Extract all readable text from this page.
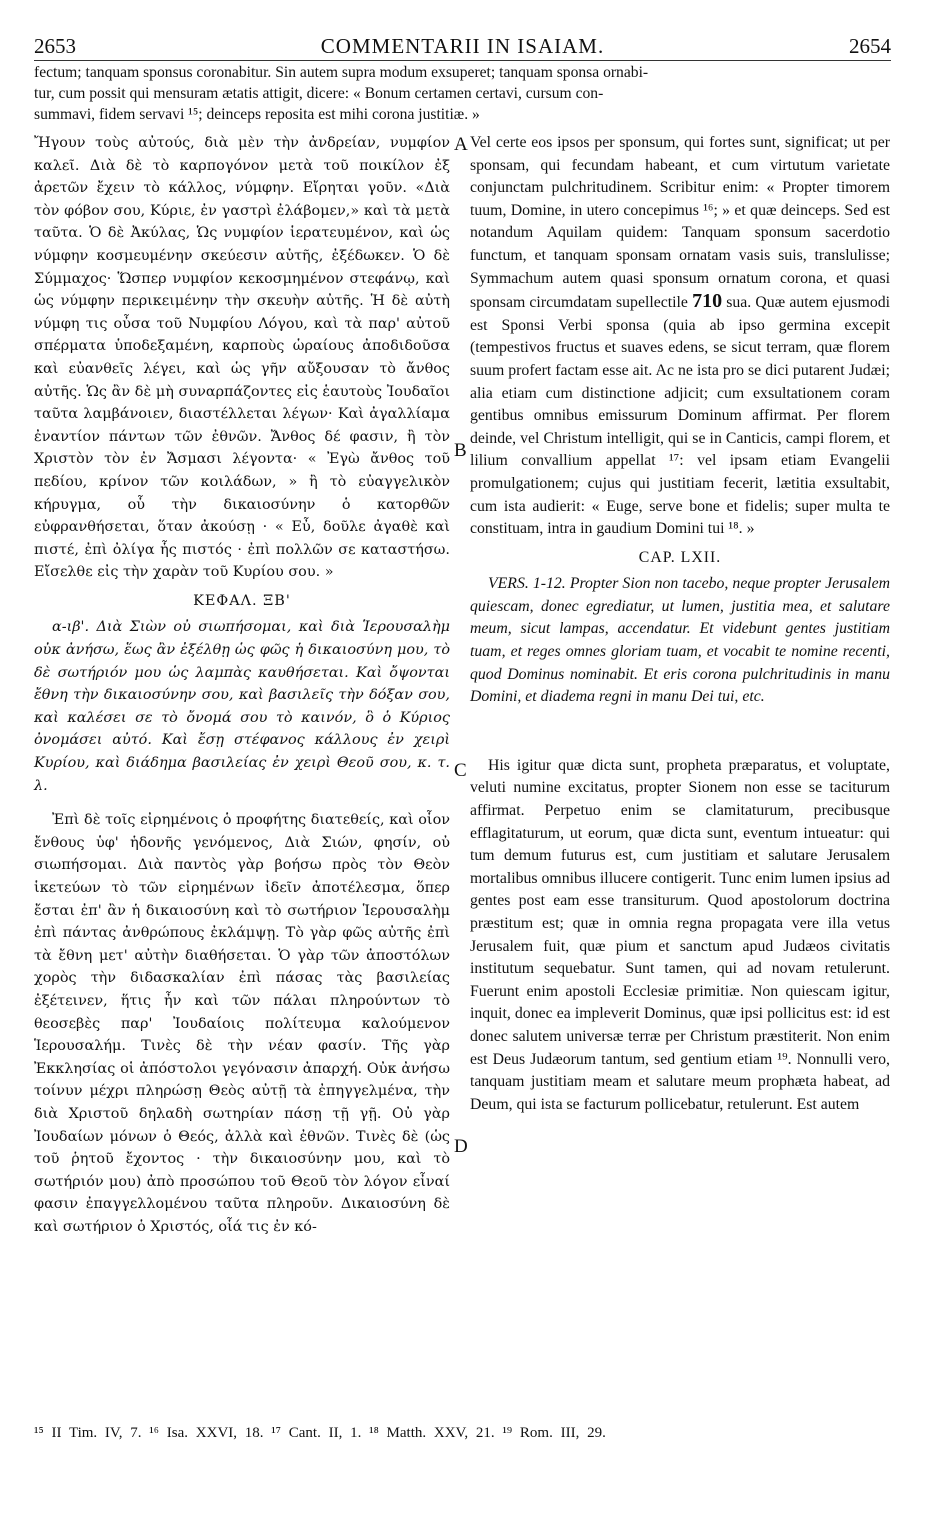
2653	COMMENTARII IN ISAIAM.	2654
fectum; tanquam sponsus coronabitur. Sin autem supra modum exsuperet; tanquam sponsa ornabi-
tur, cum possit qui mensuram ætatis attigit, dicere: « Bonum certamen certavi, cursum con-
summavi, fidem servavi ¹⁵; deinceps reposita est mihi corona justitiæ. »
A
B
C
D

Ἤγουν τοὺς αὐτούς, διὰ μὲν τὴν ἀνδρείαν, νυμφίον καλεῖ. Διὰ δὲ τὸ καρπογόνον μετὰ τοῦ ποικίλον ἐξ ἀρετῶν ἔχειν τὸ κάλλος, νύμφην. Εἴρηται γοῦν. «Διὰ τὸν φόβον σου, Κύριε, ἐν γαστρὶ ἐλάβομεν,» καὶ τὰ μετὰ ταῦτα. Ὁ δὲ Ἀκύλας, Ὡς νυμφίον ἱερατευμένον, καὶ ὡς νύμφην κοσμευμένην σκεύεσιν αὐτῆς, ἐξέδωκεν. Ὁ δὲ Σύμμαχος· Ὥσπερ νυμφίον κεκοσμημένον στεφάνῳ, καὶ ὡς νύμφην περικειμένην τὴν σκευὴν αὐτῆς. Ἡ δὲ αὐτὴ νύμφη τις οὖσα τοῦ Νυμφίου Λόγου, καὶ τὰ παρ' αὐτοῦ σπέρματα ὑποδεξαμένη, καρποὺς ὡραίους ἀποδιδοῦσα καὶ εὐανθεῖς λέγει, καὶ ὡς γῆν αὔξουσαν τὸ ἄνθος αὐτῆς. Ὡς ἂν δὲ μὴ συναρπάζοντες εἰς ἑαυτοὺς Ἰουδαῖοι ταῦτα λαμβάνοιεν, διαστέλλεται λέγων· Καὶ ἀγαλλίαμα ἐναντίον πάντων τῶν ἐθνῶν. Ἄνθος δέ φασιν, ἢ τὸν Χριστὸν τὸν ἐν Ἄσμασι λέγοντα· « Ἐγὼ ἄνθος τοῦ πεδίου, κρίνον τῶν κοιλάδων, » ἢ τὸ εὐαγγελικὸν κήρυγμα, οὗ τὴν δικαιοσύνην ὁ κατορθῶν εὐφρανθήσεται, ὅταν ἀκούσῃ · « Εὖ, δοῦλε ἀγαθὲ καὶ πιστέ, ἐπὶ ὀλίγα ἧς πιστός · ἐπὶ πολλῶν σε καταστήσω. Εἴσελθε εἰς τὴν χαρὰν τοῦ Κυρίου σου. »

ΚΕΦΑΛ. ΞΒ'

α-ιβ'. Διὰ Σιὼν οὐ σιωπήσομαι, καὶ διὰ Ἱερουσαλὴμ οὐκ ἀνήσω, ἕως ἂν ἐξέλθῃ ὡς φῶς ἡ δικαιοσύνη μου, τὸ δὲ σωτήριόν μου ὡς λαμπὰς καυθήσεται. Καὶ ὄψονται ἔθνη τὴν δικαιοσύνην σου, καὶ βασιλεῖς τὴν δόξαν σου, καὶ καλέσει σε τὸ ὄνομά σου τὸ καινόν, ὃ ὁ Κύριος ὀνομάσει αὐτό. Καὶ ἔσῃ στέφανος κάλλους ἐν χειρὶ Κυρίου, καὶ διάδημα βασιλείας ἐν χειρὶ Θεοῦ σου, κ. τ. λ.

Ἐπὶ δὲ τοῖς εἰρημένοις ὁ προφήτης διατεθείς, καὶ οἷον ἔνθους ὑφ' ἡδονῆς γενόμενος, Διὰ Σιών, φησίν, οὐ σιωπήσομαι. Διὰ παντὸς γὰρ βοήσω πρὸς τὸν Θεὸν ἱκετεύων τὸ τῶν εἰρημένων ἰδεῖν ἀποτέλεσμα, ὅπερ ἔσται ἐπ' ἂν ἡ δικαιοσύνη καὶ τὸ σωτήριον Ἱερουσαλὴμ ἐπὶ πάντας ἀνθρώπους ἐκλάμψῃ. Τὸ γὰρ φῶς αὐτῆς ἐπὶ τὰ ἔθνη μετ' αὐτὴν διαθήσεται. Ὁ γὰρ τῶν ἀποστόλων χορὸς τὴν διδασκαλίαν ἐπὶ πάσας τὰς βασιλείας ἐξέτεινεν, ἥτις ἦν καὶ τῶν πάλαι πληρούντων τὸ θεοσεβὲς παρ' Ἰουδαίοις πολίτευμα καλούμενον Ἱερουσαλήμ. Τινὲς δὲ τὴν νέαν φασίν. Τῆς γὰρ Ἐκκλησίας οἱ ἀπόστολοι γεγόνασιν ἀπαρχή. Οὐκ ἀνήσω τοίνυν μέχρι πληρώσῃ Θεὸς αὐτῇ τὰ ἐπηγγελμένα, τὴν διὰ Χριστοῦ δηλαδὴ σωτηρίαν πάσῃ τῇ γῇ. Οὐ γὰρ Ἰουδαίων μόνων ὁ Θεός, ἀλλὰ καὶ ἐθνῶν. Τινὲς δὲ (ὡς τοῦ ῥητοῦ ἔχοντος · τὴν δικαιοσύνην μου, καὶ τὸ σωτήριόν μου) ἀπὸ προσώπου τοῦ Θεοῦ τὸν λόγον εἶναί φασιν ἐπαγγελλομένου ταῦτα πληροῦν. Δικαιοσύνη δὲ καὶ σωτήριον ὁ Χριστός, οἷά τις ἐν κό-

Vel certe eos ipsos per sponsum, qui fortes sunt, significat; ut per sponsam, qui fecundam habeant, et cum virtutum varietate conjunctam pulchritudinem. Scribitur enim: « Propter timorem tuum, Domine, in utero concepimus ¹⁶; » et quæ deinceps. Sed est notandum Aquilam quidem: Tanquam sponsum sacerdotio functum, et tanquam sponsam ornatam vasis suis, translulisse; Symmachum autem quasi sponsum ornatum corona, et quasi sponsam circumdatam supellectile 710 sua. Quæ autem ejusmodi est Sponsi Verbi sponsa (quia ab ipso germina excepit (tempestivos fructus et suaves edens, se sicut terram, quæ florem suum profert factam esse ait. Ac ne ista pro se dici putarent Judæi; alia etiam cum distinctione adjicit; cum exsultationem coram gentibus omnibus emissurum Dominum affirmat. Per florem deinde, vel Christum intelligit, qui se in Canticis, campi florem, et lilium convallium appellat ¹⁷: vel ipsam etiam Evangelii promulgationem; cujus qui justitiam fecerit, lætitia exsultabit, cum ista audierit: « Euge, serve bone et fidelis; super multa te constituam, intra in gaudium Domini tui ¹⁸. »

CAP. LXII.

VERS. 1-12. Propter Sion non tacebo, neque propter Jerusalem quiescam, donec egrediatur, ut lumen, justitia mea, et salutare meum, sicut lampas, accendatur. Et videbunt gentes justitiam tuam, et reges omnes gloriam tuam, et vocabit te nomine recenti, quod Dominus nominabit. Et eris corona pulchritudinis in manu Domini, et diadema regni in manu Dei tui, etc.

His igitur quæ dicta sunt, propheta præparatus, et voluptate, veluti numine excitatus, propter Sionem non esse se taciturum affirmat. Perpetuo enim se clamitaturum, precibusque efflagitaturum, ut eorum, quæ dicta sunt, eventum intueatur: qui tum demum futurus est, cum justitiam et salutare Jerusalem mortalibus omnibus illucere contigerit. Tunc enim lumen ipsius ad gentes post eam esse transiturum. Quod apostolorum doctrina præstitum est; quæ in omnia regna propagata vere illa vetus Jerusalem fuit, quæ pium et sanctum apud Judæos civitatis institutum sequebatur. Sunt tamen, qui ad novam retulerunt. Fuerunt enim apostoli Ecclesiæ primitiæ. Non quiescam igitur, inquit, donec ea impleverit Dominus, quæ ipsi pollicitus est: id est donec salutem universæ terræ per Christum præstiterit. Non enim est Deus Judæorum tantum, sed gentium etiam ¹⁹. Nonnulli vero, tanquam justitiam meam et salutare meum prophæta habeat, ad Deum, qui ista se facturum pollicebatur, retulerunt. Est autem

¹⁵ II Tim. IV, 7. ¹⁶ Isa. XXVI, 18. ¹⁷ Cant. II, 1. ¹⁸ Matth. XXV, 21. ¹⁹ Rom. III, 29.
